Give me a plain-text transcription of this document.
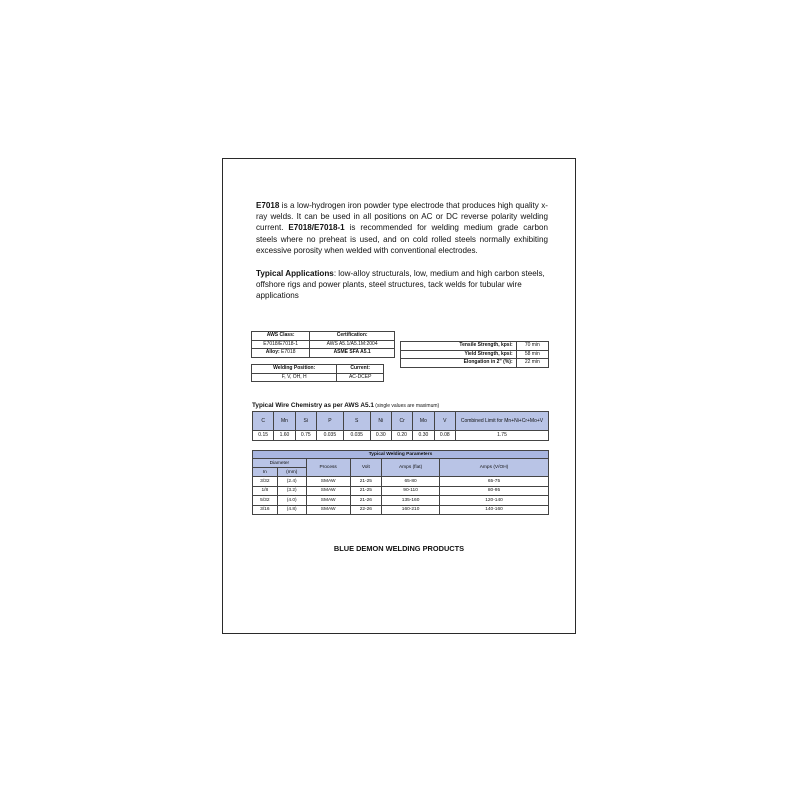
E7018 is a low-hydrogen iron powder type electrode that produces high quality x-ray welds. It can be used in all positions on AC or DC reverse polarity welding current. E7018/E7018-1 is recommended for welding medium grade carbon steels where no preheat is used, and on cold rolled steels normally exhibiting excessive porosity when welded with conventional electrodes.

Typical Applications: low-alloy structurals, low, medium and high carbon steels, offshore rigs and power plants, steel structures, tack welds for tubular wire applications

AWS Class:	Certification:
E7018/E7018-1	AWS A5.1/A5.1M:2004
Alloy: E7018	ASME SFA A5.1
Welding Position:	Current:
F, V, OH, H	AC-DCEP
Tensile Strength, kpsi:	70 min
Yield Strength, kpsi:	58 min
Elongation in 2" (%):	22 min

Typical Wire Chemistry as per AWS A5.1 (single values are maximum)

C	Mn	Si	P	S	Ni	Cr	Mo	V	Combined Limit for Mn+Ni+Cr+Mo+V
0.15	1.60	0.75	0.035	0.035	0.30	0.20	0.30	0.08	1.75
Typical Welding Parameters					
Diameter		Process	Volt	Amps (flat)	Amps (V/OH)
In	(mm)				
3/32	(2.4)	SMAW	21-25	65-80	65-75
1/8	(3.2)	SMAW	21-25	90-110	80-95
5/32	(4.0)	SMAW	21-26	135-160	120-140
3/16	(4.8)	SMAW	22-26	160-210	140-160

BLUE DEMON WELDING PRODUCTS
